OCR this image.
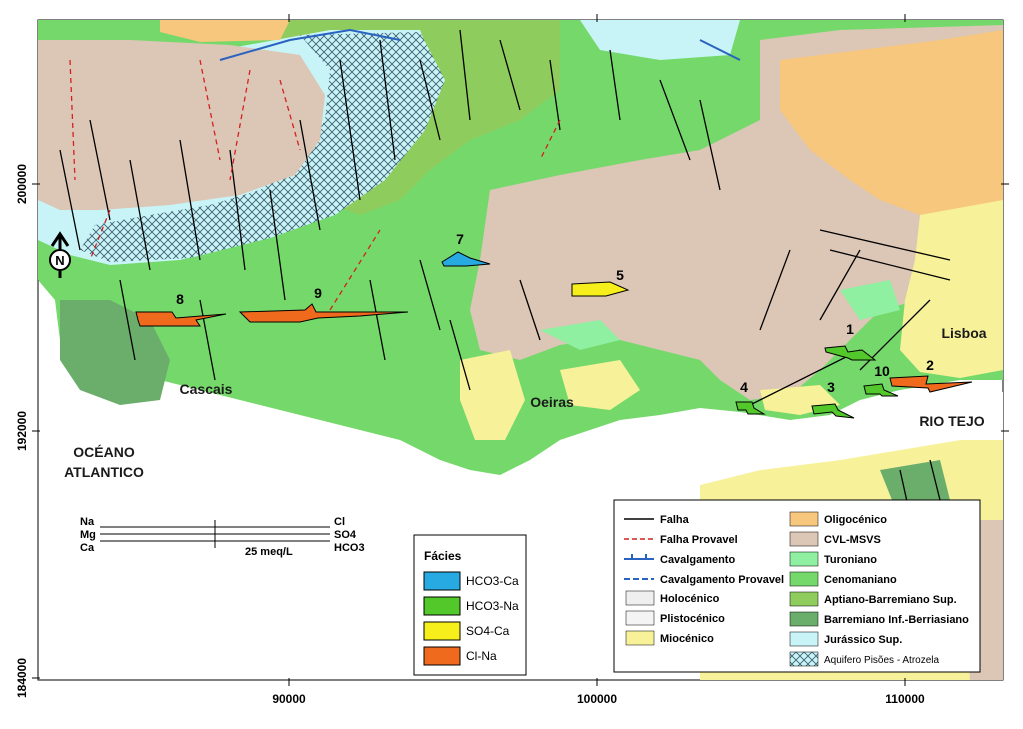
90000	100000	110000
200000
192000
184000
N
1
2
3
4
5
7
8	9
10
OCÉANO
ATLANTICO
Cascais
Oeiras
Lisboa
RIO TEJO
Na
Mg
Ca
Cl
SO4
HCO3
25 meq/L	Fácies
HCO3-Ca
HCO3-Na
SO4-Ca
Cl-Na
Falha
Falha Provavel
Cavalgamento
Cavalgamento Provavel
Holocénico
Plistocénico
Miocénico
Oligocénico
CVL-MSVS
Turoniano
Cenomaniano
Aptiano-Barremiano Sup.
Barremiano Inf.-Berriasiano
Jurássico Sup.
Aquifero Pisões - Atrozela
